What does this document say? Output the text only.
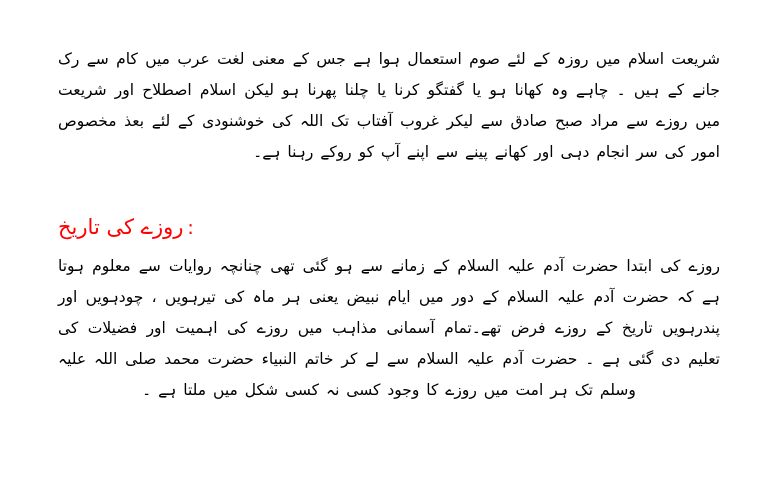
شریعت اسلام میں روزہ کے لئے صوم استعمال ہوا ہے جس کے معنی لغت عرب میں کام سے رک جانے کے ہیں ۔ چاہے وہ کھانا ہو یا گفتگو کرنا یا چلنا پھرنا ہو لیکن اسلام اصطلاح اور شریعت میں روزے سے مراد صبح صادق سے لیکر غروب آفتاب تک اللہ کی خوشنودی کے لئے بعذ مخصوص امور کی سر انجام دہی اور کھانے پینے سے اپنے آپ کو روکے رہنا ہے۔

روزے کی تاریخ :

روزے کی ابتدا حضرت آدم علیہ السلام کے زمانے سے ہو گئی تھی چنانچہ روایات سے معلوم ہوتا ہے کہ حضرت آدم علیہ السلام کے دور میں ایام نبیض یعنی ہر ماہ کی تیرہویں ، چودہویں اور پندرہویں تاریخ کے روزے فرض تھے۔تمام آسمانی مذاہب میں روزے کی اہمیت اور فضیلات کی تعلیم دی گئی ہے ۔ حضرت آدم علیہ السلام سے لے کر خاتم النبیاء حضرت محمد صلی اللہ علیہ وسلم تک ہر امت میں روزے کا وجود کسی نہ کسی شکل میں ملتا ہے ۔
